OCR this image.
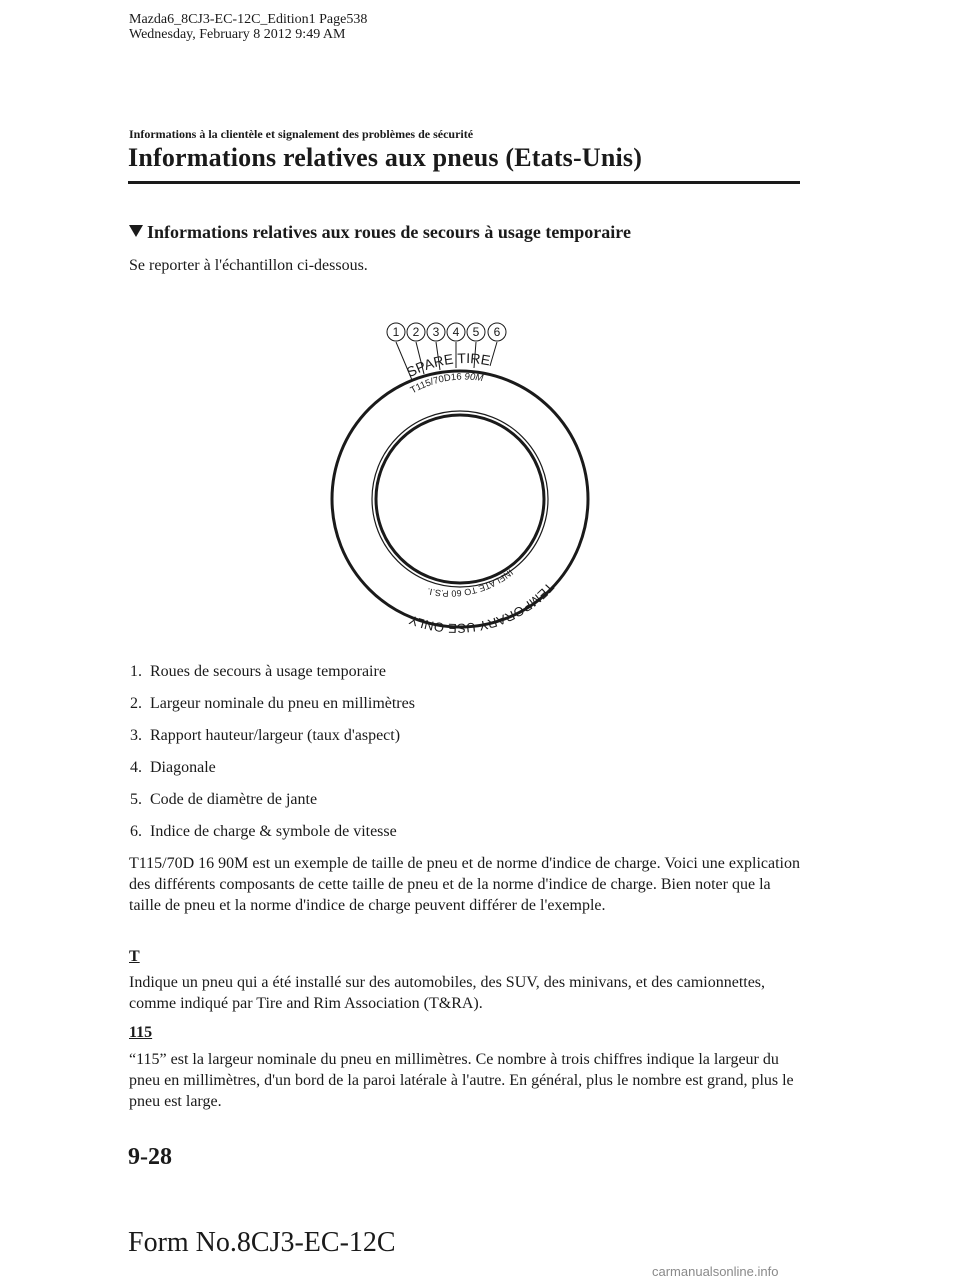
Mazda6_8CJ3-EC-12C_Edition1 Page538
Wednesday, February 8 2012 9:49 AM
Informations à la clientèle et signalement des problèmes de sécurité
Informations relatives aux pneus (Etats-Unis)
Informations relatives aux roues de secours à usage temporaire
Se reporter à l'échantillon ci-dessous.
1 2 3 4 5 6
SPARE TIRE
T115/70D16 90M
INFLATE TO 60 P.S.I.	TEMPORARY USE ONLY
1. Roues de secours à usage temporaire
2. Largeur nominale du pneu en millimètres
3. Rapport hauteur/largeur (taux d'aspect)
4. Diagonale
5. Code de diamètre de jante
6. Indice de charge & symbole de vitesse
T115/70D 16 90M est un exemple de taille de pneu et de norme d'indice de charge. Voici une explication des différents composants de cette taille de pneu et de la norme d'indice de charge. Bien noter que la taille de pneu et la norme d'indice de charge peuvent différer de l'exemple.
T
Indique un pneu qui a été installé sur des automobiles, des SUV, des minivans, et des camionnettes, comme indiqué par Tire and Rim Association (T&RA).
115
“115” est la largeur nominale du pneu en millimètres. Ce nombre à trois chiffres indique la largeur du pneu en millimètres, d'un bord de la paroi latérale à l'autre. En général, plus le nombre est grand, plus le pneu est large.
9-28
Form No.8CJ3-EC-12C
carmanualsonline.info
